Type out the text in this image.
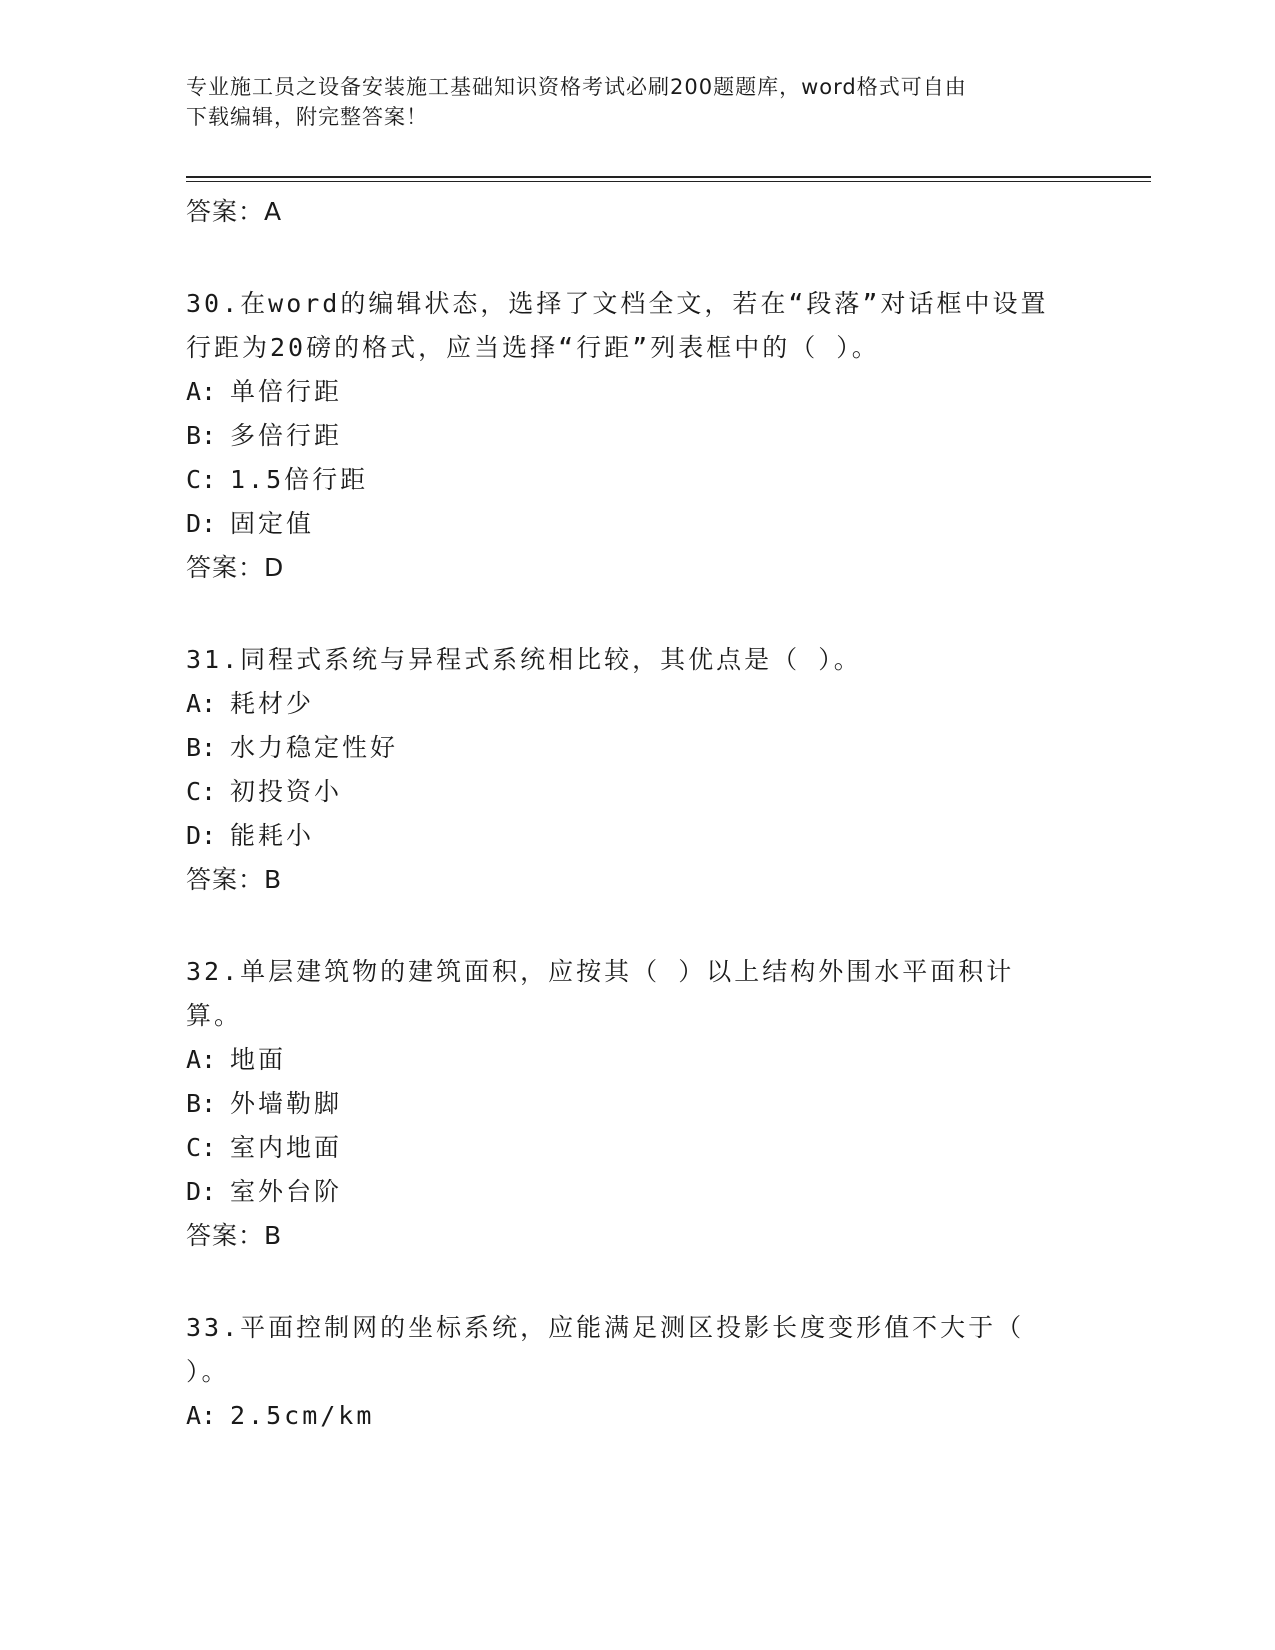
专业施工员之设备安装施工基础知识资格考试必刷200题题库，word格式可自由
下载编辑，附完整答案！
答案：A
30.在word的编辑状态，选择了文档全文，若在“段落”对话框中设置行距为20磅的格式，应当选择“行距”列表框中的（ ）。
A: 单倍行距
B: 多倍行距
C: 1.5倍行距
D: 固定值
答案：D
31.同程式系统与异程式系统相比较，其优点是（ ）。
A: 耗材少
B: 水力稳定性好
C: 初投资小
D: 能耗小
答案：B
32.单层建筑物的建筑面积，应按其（ ）以上结构外围水平面积计算。
A: 地面
B: 外墙勒脚
C: 室内地面
D: 室外台阶
答案：B
33.平面控制网的坐标系统，应能满足测区投影长度变形值不大于（ ）。
A: 2.5cm/km
